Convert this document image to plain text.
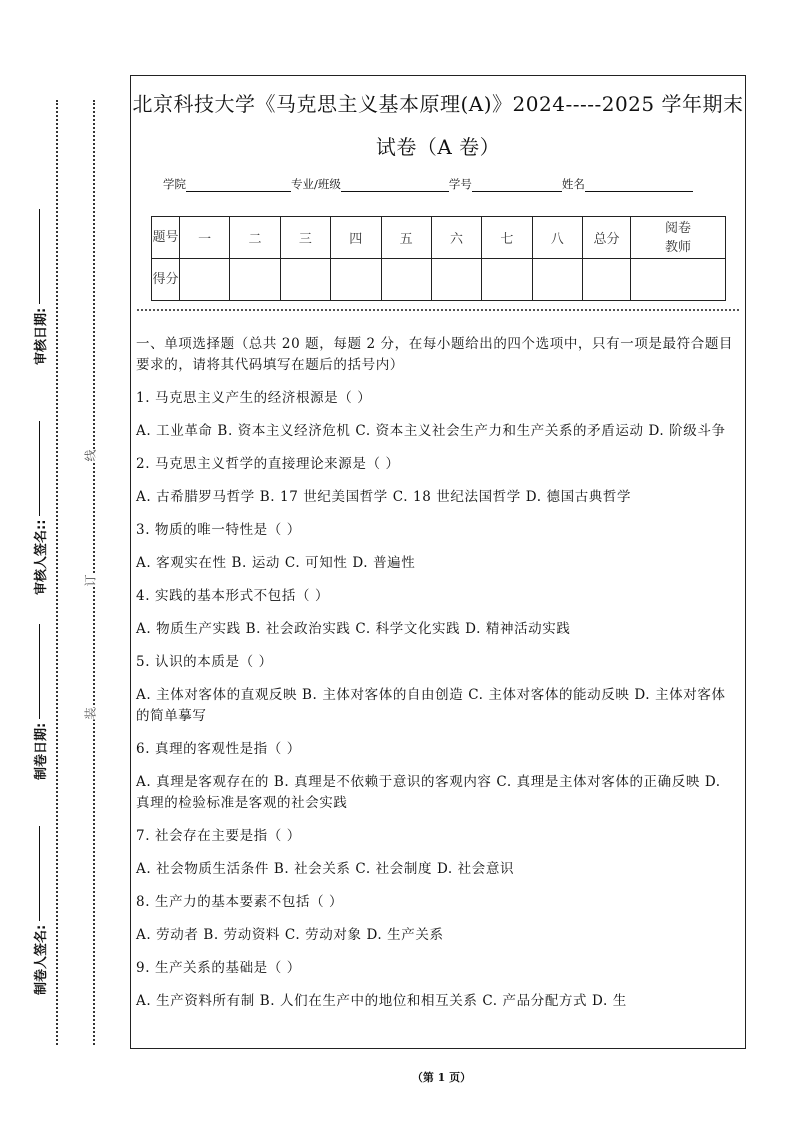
审核日期:
审核人签名::
制卷日期:
制卷人签名:
线
订
装
北京科技大学《马克思主义基本原理(A)》2024-----2025 学年期末
试卷（A 卷）
学院	专业/班级	学号	姓名
题号	一	二	三	四	五	六	七	八	总分	阅卷教师
得分										

一、单项选择题（总共 20 题，每题 2 分，在每小题给出的四个选项中，只有一项是最符合题目要求的，请将其代码填写在题后的括号内）

1. 马克思主义产生的经济根源是（ ）

A. 工业革命 B. 资本主义经济危机 C. 资本主义社会生产力和生产关系的矛盾运动 D. 阶级斗争

2. 马克思主义哲学的直接理论来源是（ ）

A. 古希腊罗马哲学 B. 17 世纪美国哲学 C. 18 世纪法国哲学 D. 德国古典哲学

3. 物质的唯一特性是（ ）

A. 客观实在性 B. 运动 C. 可知性 D. 普遍性

4. 实践的基本形式不包括（ ）

A. 物质生产实践 B. 社会政治实践 C. 科学文化实践 D. 精神活动实践

5. 认识的本质是（ ）

A. 主体对客体的直观反映 B. 主体对客体的自由创造 C. 主体对客体的能动反映 D. 主体对客体的简单摹写

6. 真理的客观性是指（ ）

A. 真理是客观存在的 B. 真理是不依赖于意识的客观内容 C. 真理是主体对客体的正确反映 D. 真理的检验标准是客观的社会实践

7. 社会存在主要是指（ ）

A. 社会物质生活条件 B. 社会关系 C. 社会制度 D. 社会意识

8. 生产力的基本要素不包括（ ）

A. 劳动者 B. 劳动资料 C. 劳动对象 D. 生产关系

9. 生产关系的基础是（ ）

A. 生产资料所有制 B. 人们在生产中的地位和相互关系 C. 产品分配方式 D. 生

（第 1 页）
